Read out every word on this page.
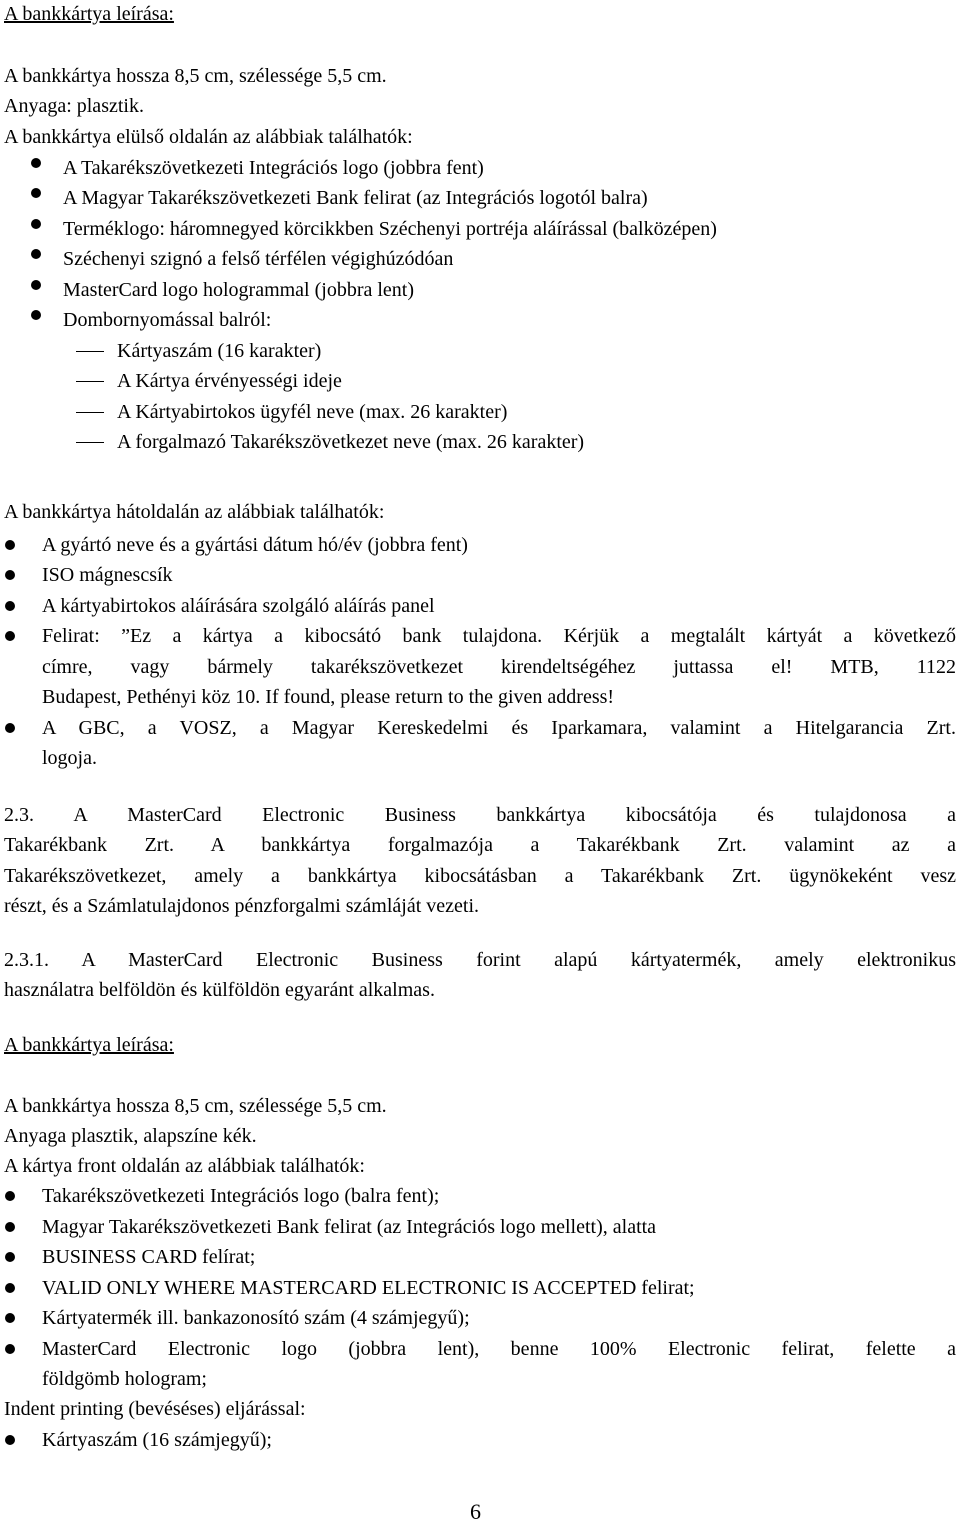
A bankkártya leírása:
A bankkártya hossza 8,5 cm, szélessége 5,5 cm.
Anyaga: plasztik.
A bankkártya elülső oldalán az alábbiak találhatók:
A Takarékszövetkezeti Integrációs logo (jobbra fent)
A Magyar Takarékszövetkezeti Bank felirat (az Integrációs logotól balra)
Terméklogo: háromnegyed körcikkben Széchenyi portréja aláírással (balközépen)
Széchenyi szignó a felső térfélen végighúzódóan
MasterCard logo hologrammal (jobbra lent)
Dombornyomással balról:
Kártyaszám (16 karakter)
A Kártya érvényességi ideje
A Kártyabirtokos ügyfél neve (max. 26 karakter)
A forgalmazó Takarékszövetkezet neve (max. 26 karakter)
A bankkártya hátoldalán az alábbiak találhatók:
A gyártó neve és a gyártási dátum hó/év (jobbra fent)
ISO mágnescsík
A kártyabirtokos aláírására szolgáló aláírás panel
Felirat: ”Ez a kártya a kibocsátó bank tulajdona. Kérjük a megtalált kártyát a következő
címre, vagy bármely takarékszövetkezet kirendeltségéhez juttassa el! MTB, 1122
Budapest, Pethényi köz 10. If found, please return to the given address!
A GBC, a VOSZ, a Magyar Kereskedelmi és Iparkamara, valamint a Hitelgarancia Zrt.
logoja.
2.3. A MasterCard Electronic Business bankkártya kibocsátója és tulajdonosa a
Takarékbank Zrt. A bankkártya forgalmazója a Takarékbank Zrt. valamint az a
Takarékszövetkezet, amely a bankkártya kibocsátásban a Takarékbank Zrt. ügynökeként vesz
részt, és a Számlatulajdonos pénzforgalmi számláját vezeti.
2.3.1. A MasterCard Electronic Business forint alapú kártyatermék, amely elektronikus
használatra belföldön és külföldön egyaránt alkalmas.
A bankkártya leírása:
A bankkártya hossza 8,5 cm, szélessége 5,5 cm.
Anyaga plasztik, alapszíne kék.
A kártya front oldalán az alábbiak találhatók:
Takarékszövetkezeti Integrációs logo (balra fent);
Magyar Takarékszövetkezeti Bank felirat (az Integrációs logo mellett), alatta
BUSINESS CARD felírat;
VALID ONLY WHERE MASTERCARD ELECTRONIC IS ACCEPTED felirat;
Kártyatermék ill. bankazonosító szám (4 számjegyű);
MasterCard Electronic logo (jobbra lent), benne 100% Electronic felirat, felette a
földgömb hologram;
Indent printing (bevéséses) eljárással:
Kártyaszám (16 számjegyű);
6
